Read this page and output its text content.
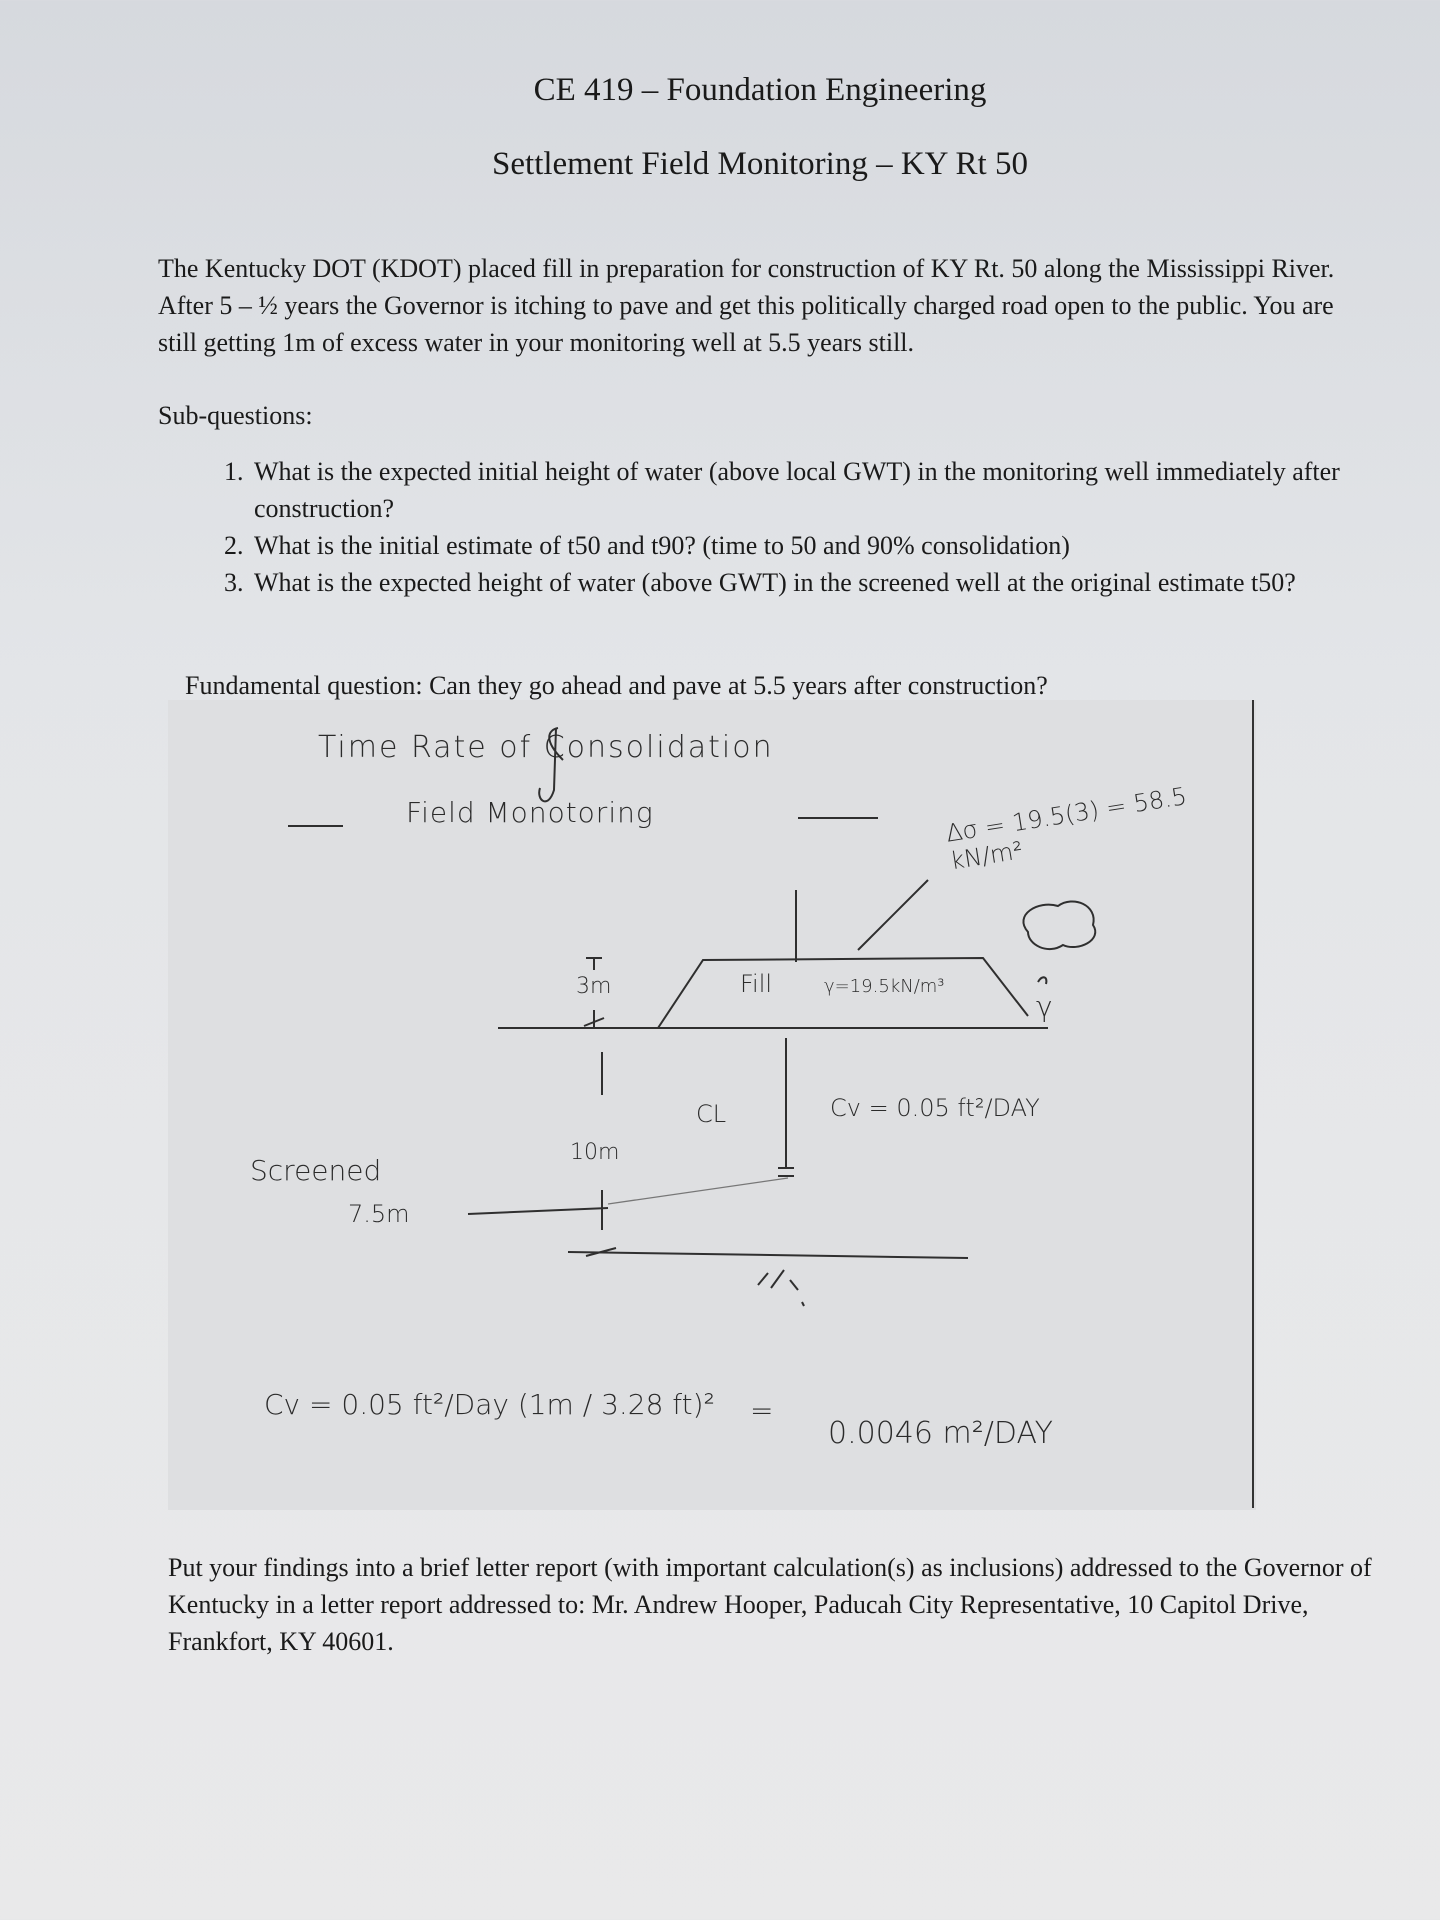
CE 419 – Foundation Engineering
Settlement Field Monitoring – KY Rt 50
The Kentucky DOT (KDOT) placed fill in preparation for construction of KY Rt. 50 along the Mississippi River. After 5 – ½ years the Governor is itching to pave and get this politically charged road open to the public. You are still getting 1m of excess water in your monitoring well at 5.5 years still.
Sub-questions:
1. What is the expected initial height of water (above local GWT) in the monitoring well immediately after construction?
2. What is the initial estimate of t50 and t90? (time to 50 and 90% consolidation)
3. What is the expected height of water (above GWT) in the screened well at the original estimate t50?
Fundamental question: Can they go ahead and pave at 5.5 years after construction?
Time Rate of Consolidation
Field Monotoring	Δσ = 19.5(3) = 58.5 kN/m²
Fill	γ=19.5kN/m³
γ
3m
10m
CL	Cv = 0.05 ft²/DAY
Screened
7.5m
Cv = 0.05 ft²/Day (1m / 3.28 ft)² =
0.0046 m²/DAY
Put your findings into a brief letter report (with important calculation(s) as inclusions) addressed to the Governor of Kentucky in a letter report addressed to: Mr. Andrew Hooper, Paducah City Representative, 10 Capitol Drive, Frankfort, KY 40601.
